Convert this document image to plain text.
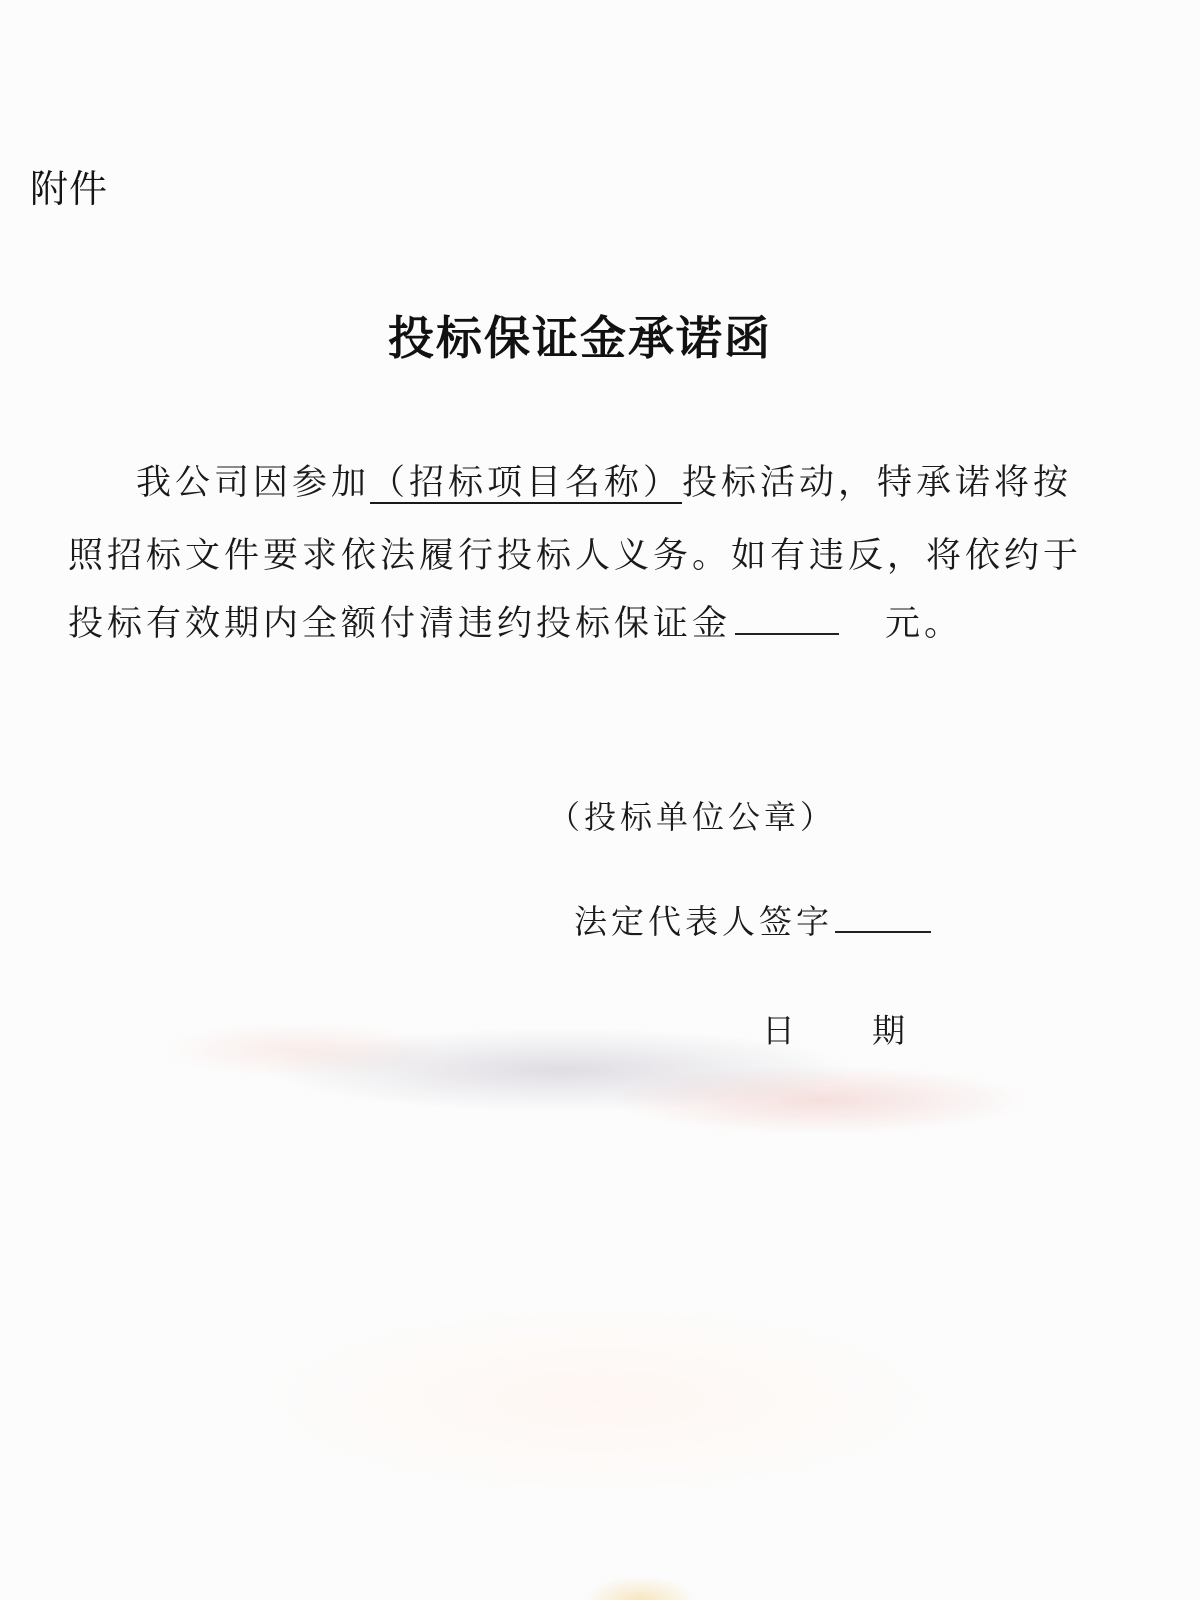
附件
投标保证金承诺函
我公司因参加（招标项目名称）投标活动，特承诺将按
照招标文件要求依法履行投标人义务。如有违反，将依约于
投标有效期内全额付清违约投标保证金	元。
（投标单位公章）
法定代表人签字
日      期
